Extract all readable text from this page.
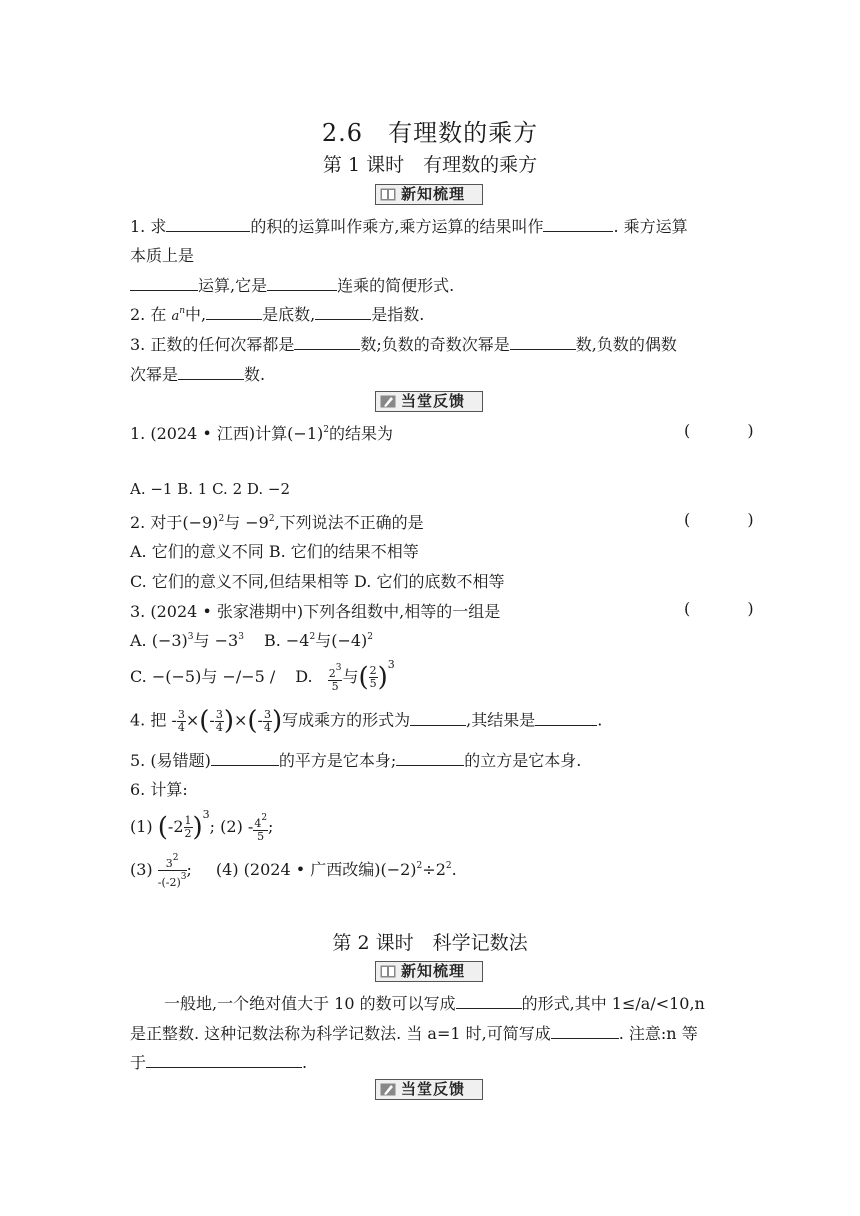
2.6　有理数的乘方
第 1 课时　有理数的乘方
新知梳理
1. 求	的积的运算叫作乘方,乘方运算的结果叫作	. 乘方运算
本质上是
运算,它是	连乘的简便形式.
2. 在 $a^n$中,	是底数,	是指数.
3. 正数的任何次幂都是	数;负数的奇数次幂是	数,负数的偶数
次幂是	数.
当堂反馈
1. (2024 • 江西)计算$(-1)^2$的结果为	( )
A. −1 B. 1 C. 2 D. −2
2. 对于$(-9)^2$与 $-9^2$,下列说法不正确的是	( )
A. 它们的意义不同 B. 它们的结果不相等
C. 它们的意义不同,但结果相等 D. 它们的底数不相等
3. (2024 • 张家港期中)下列各组数中,相等的一组是	( )
A. $(-3)^3$与 $-3^3$ B. $-4^2$与$(-4)^2$
C. −(−5)与 −/−5 / D. $\frac{2^3}{5}$ 与( $\frac{2}{5} )^3$
4. 把 - $\frac{3}{4}$ ×(- $\frac{3}{4}$ )×(- $\frac{3}{4}$ )写成乘方的形式为	,其结果是	.
5. (易错题)	的平方是它本身;	的立方是它本身.
6. 计算:
(1) $(-2 \frac{1}{2} )^3$; $(2) - \frac{4^2}{5}$ ;
$(3) \frac{3^2}{-(-2)^3}$ ; (4) (2024 • 广西改编)$(-2)^2\div 2^2$.
第 2 课时　科学记数法
新知梳理
一般地,一个绝对值大于 10 的数可以写成	的形式,其中 1≤/a/<10,n
是正整数. 这种记数法称为科学记数法. 当 a=1 时,可简写成	. 注意:n 等
于	.
当堂反馈
